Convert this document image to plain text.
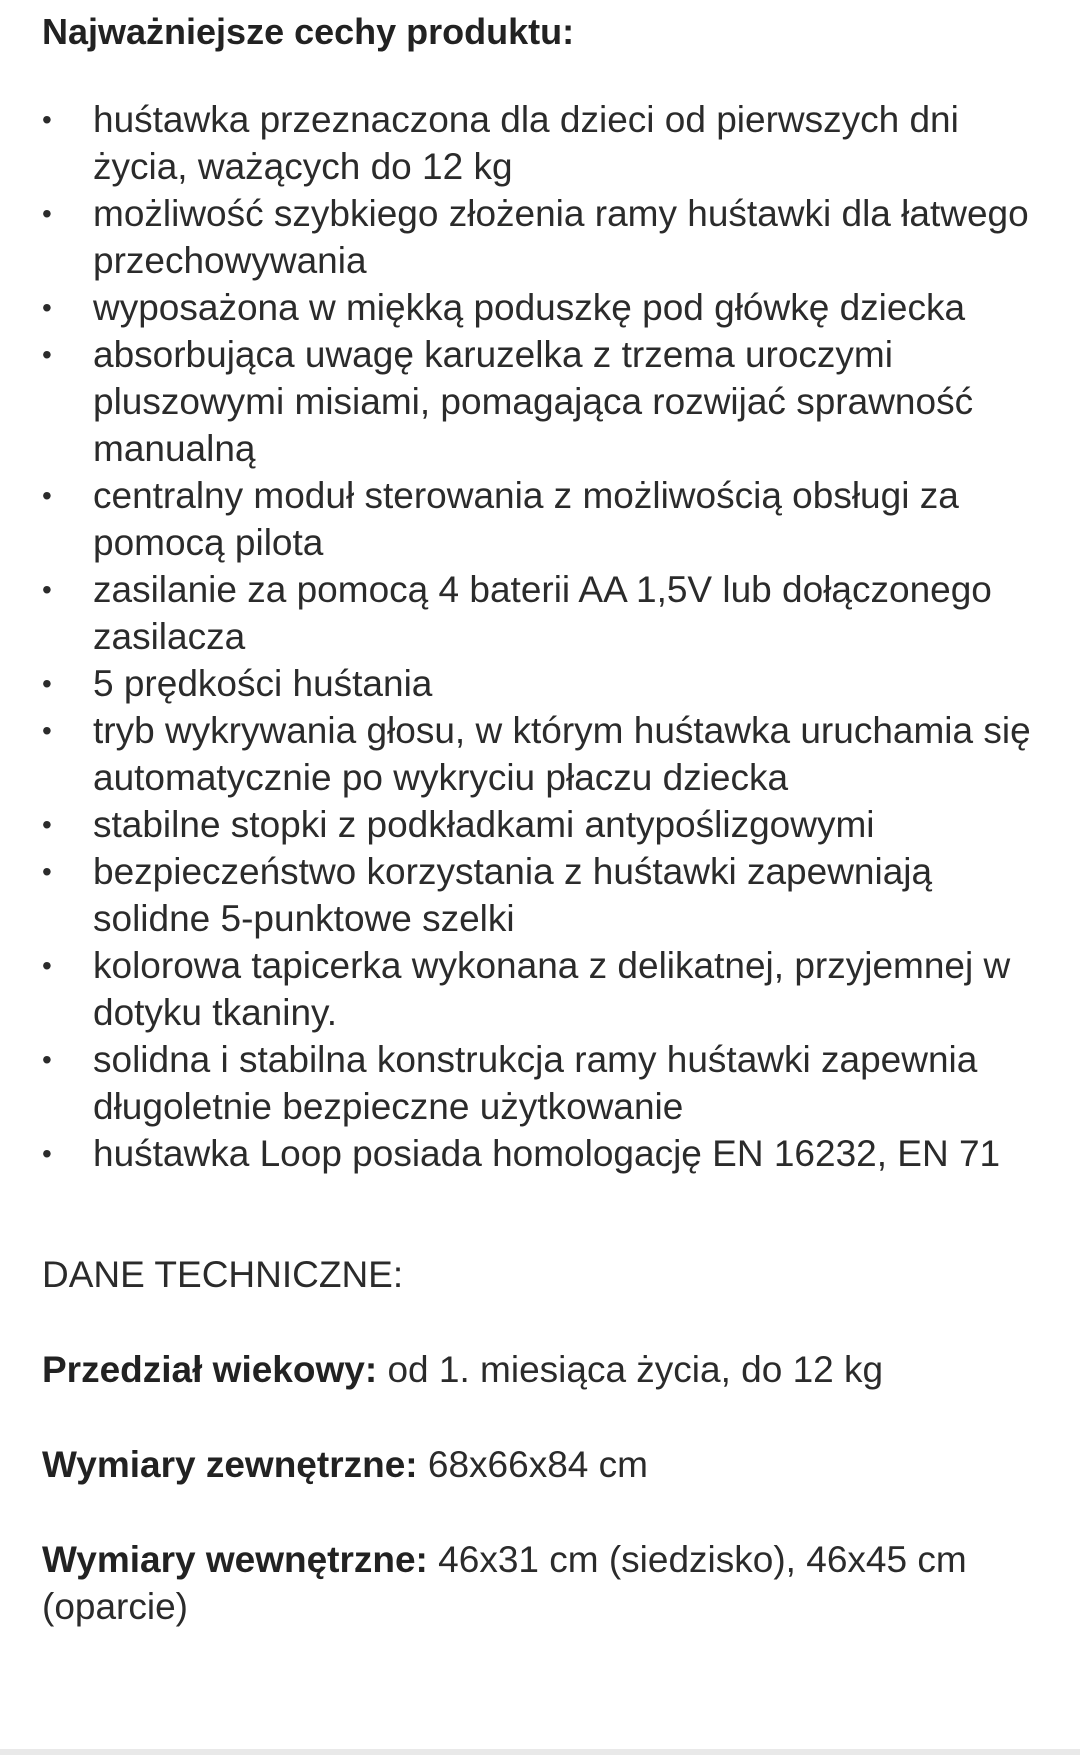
Najważniejsze cechy produktu:
• huśtawka przeznaczona dla dzieci od pierwszych dni życia, ważących do 12 kg
• możliwość szybkiego złożenia ramy huśtawki dla łatwego przechowywania
• wyposażona w miękką poduszkę pod główkę dziecka
• absorbująca uwagę karuzelka z trzema uroczymi pluszowymi misiami, pomagająca rozwijać sprawność manualną
• centralny moduł sterowania z możliwością obsługi za pomocą pilota
• zasilanie za pomocą 4 baterii AA 1,5V lub dołączonego zasilacza
• 5 prędkości huśtania
• tryb wykrywania głosu, w którym huśtawka uruchamia się automatycznie po wykryciu płaczu dziecka
• stabilne stopki z podkładkami antypoślizgowymi
• bezpieczeństwo korzystania z huśtawki zapewniają solidne 5-punktowe szelki
• kolorowa tapicerka wykonana z delikatnej, przyjemnej w dotyku tkaniny.
• solidna i stabilna konstrukcja ramy huśtawki zapewnia długoletnie bezpieczne użytkowanie
• huśtawka Loop posiada homologację EN 16232, EN 71
DANE TECHNICZNE:
Przedział wiekowy: od 1. miesiąca życia, do 12 kg
Wymiary zewnętrzne: 68x66x84 cm
Wymiary wewnętrzne: 46x31 cm (siedzisko), 46x45 cm (oparcie)
